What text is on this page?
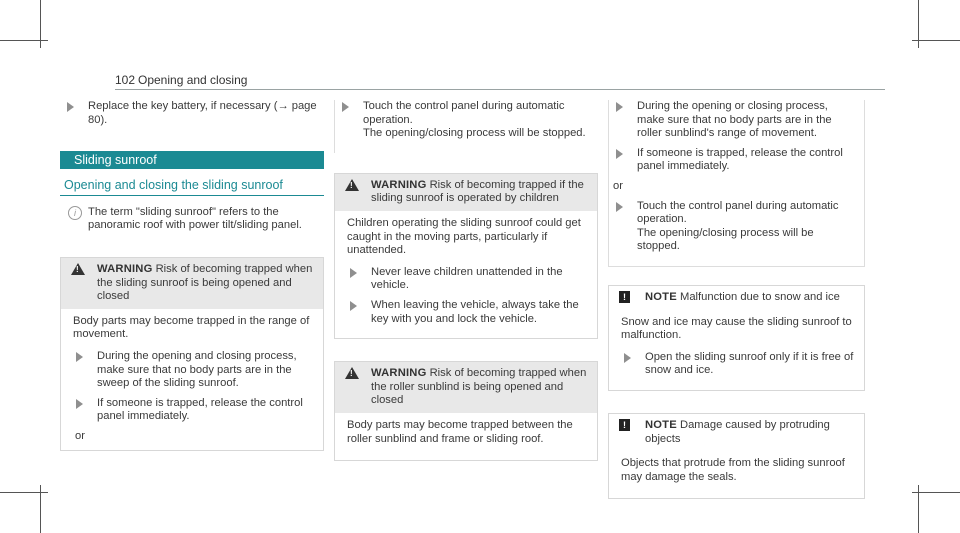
102 Opening and closing
Replace the key battery, if necessary (→ page 80).
Sliding sunroof
Opening and closing the sliding sunroof
i	The term "sliding sunroof" refers to the panoramic roof with power tilt/sliding panel.
!
WARNING Risk of becoming trapped when the sliding sunroof is being opened and closed

Body parts may become trapped in the range of movement.

During the opening and closing process, make sure that no body parts are in the sweep of the sliding sunroof.
If someone is trapped, release the control panel immediately.
or
Touch the control panel during automatic operation.
The opening/closing process will be stopped.
!
WARNING Risk of becoming trapped if the sliding sunroof is operated by children

Children operating the sliding sunroof could get caught in the moving parts, particularly if unattended.

Never leave children unattended in the vehicle.
When leaving the vehicle, always take the key with you and lock the vehicle.
!
WARNING Risk of becoming trapped when the roller sunblind is being opened and closed

Body parts may become trapped between the roller sunblind and frame or sliding roof.

During the opening or closing process, make sure that no body parts are in the roller sunblind's range of movement.
If someone is trapped, release the control panel immediately.
or
Touch the control panel during automatic operation.
The opening/closing process will be stopped.
!	NOTE Malfunction due to snow and ice

Snow and ice may cause the sliding sunroof to malfunction.

Open the sliding sunroof only if it is free of snow and ice.
!	NOTE Damage caused by protruding objects

Objects that protrude from the sliding sunroof may damage the seals.
